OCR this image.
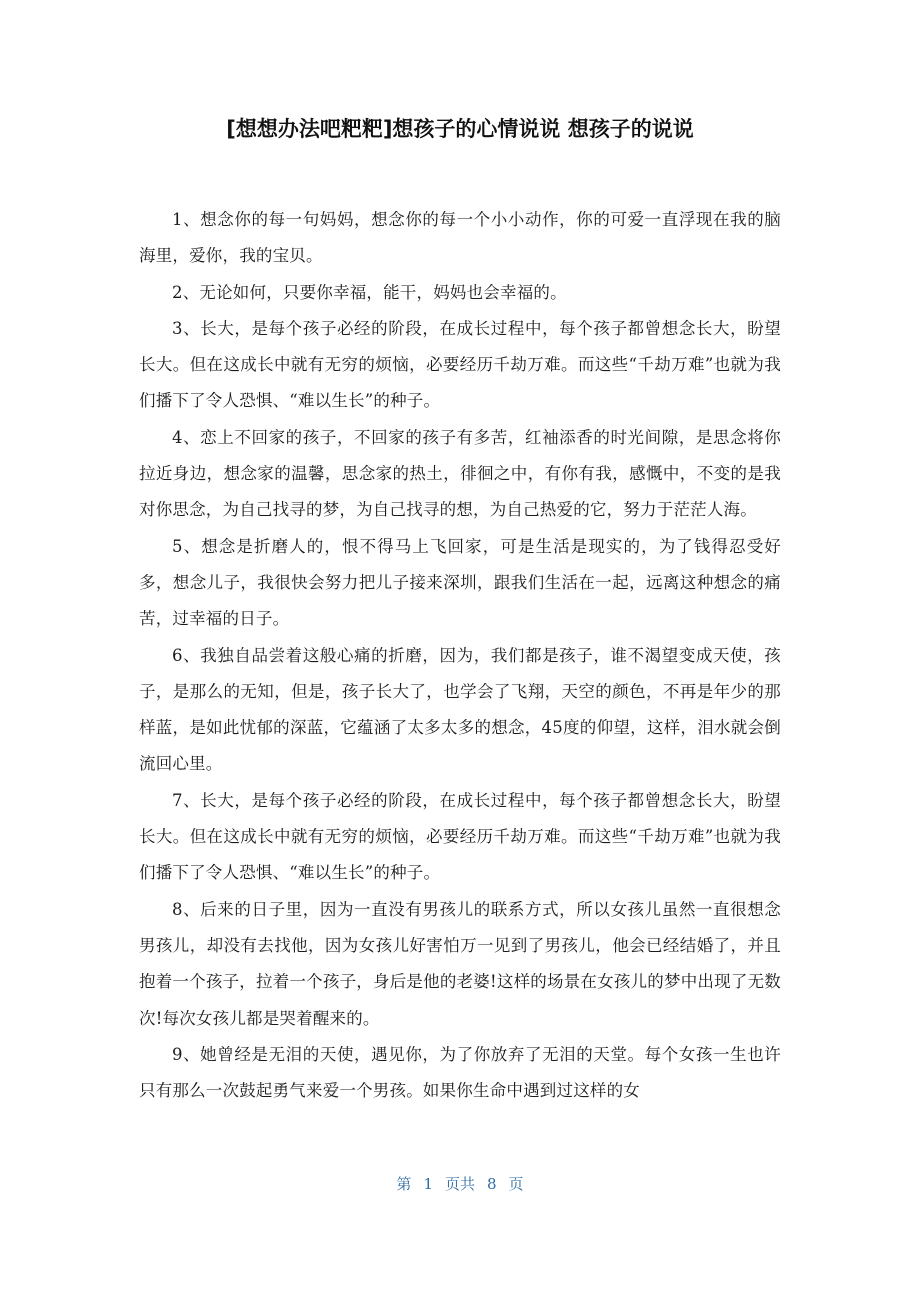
[想想办法吧粑粑]想孩子的心情说说 想孩子的说说

1、想念你的每一句妈妈，想念你的每一个小小动作，你的可爱一直浮现在我的脑海里，爱你，我的宝贝。

2、无论如何，只要你幸福，能干，妈妈也会幸福的。

3、长大，是每个孩子必经的阶段，在成长过程中，每个孩子都曾想念长大，盼望长大。但在这成长中就有无穷的烦恼，必要经历千劫万难。而这些“千劫万难”也就为我们播下了令人恐惧、“难以生长”的种子。

4、恋上不回家的孩子，不回家的孩子有多苦，红袖添香的时光间隙，是思念将你拉近身边，想念家的温馨，思念家的热土，徘徊之中，有你有我，感慨中，不变的是我对你思念，为自己找寻的梦，为自己找寻的想，为自己热爱的它，努力于茫茫人海。

5、想念是折磨人的，恨不得马上飞回家，可是生活是现实的，为了钱得忍受好多，想念儿子，我很快会努力把儿子接来深圳，跟我们生活在一起，远离这种想念的痛苦，过幸福的日子。

6、我独自品尝着这般心痛的折磨，因为，我们都是孩子，谁不渴望变成天使，孩子，是那么的无知，但是，孩子长大了，也学会了飞翔，天空的颜色，不再是年少的那样蓝，是如此忧郁的深蓝，它蕴涵了太多太多的想念，45度的仰望，这样，泪水就会倒流回心里。

7、长大，是每个孩子必经的阶段，在成长过程中，每个孩子都曾想念长大，盼望长大。但在这成长中就有无穷的烦恼，必要经历千劫万难。而这些“千劫万难”也就为我们播下了令人恐惧、“难以生长”的种子。

8、后来的日子里，因为一直没有男孩儿的联系方式，所以女孩儿虽然一直很想念男孩儿，却没有去找他，因为女孩儿好害怕万一见到了男孩儿，他会已经结婚了，并且抱着一个孩子，拉着一个孩子，身后是他的老婆!这样的场景在女孩儿的梦中出现了无数次!每次女孩儿都是哭着醒来的。

9、她曾经是无泪的天使，遇见你，为了你放弃了无泪的天堂。每个女孩一生也许只有那么一次鼓起勇气来爱一个男孩。如果你生命中遇到过这样的女

第 1 页共 8 页
